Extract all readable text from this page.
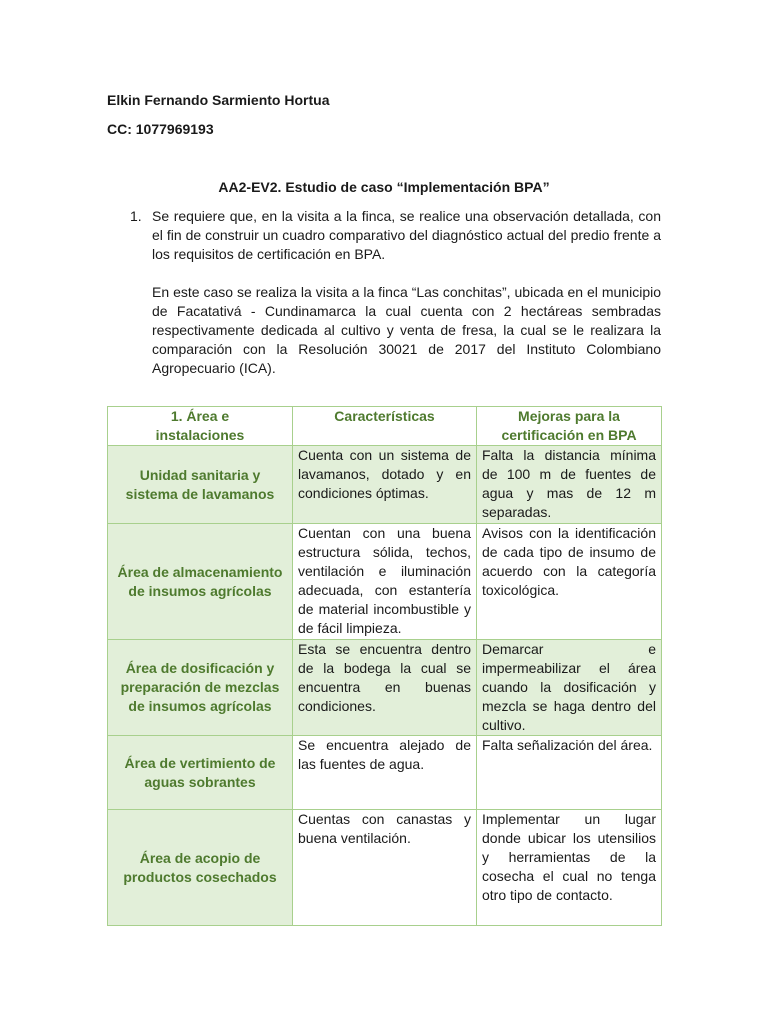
Elkin Fernando Sarmiento Hortua
CC: 1077969193
AA2-EV2. Estudio de caso “Implementación BPA”
1. Se requiere que, en la visita a la finca, se realice una observación detallada, con el fin de construir un cuadro comparativo del diagnóstico actual del predio frente a los requisitos de certificación en BPA.

En este caso se realiza la visita a la finca “Las conchitas”, ubicada en el municipio de Facatativá - Cundinamarca la cual cuenta con 2 hectáreas sembradas respectivamente dedicada al cultivo y venta de fresa, la cual se le realizara la comparación con la Resolución 30021 de 2017 del Instituto Colombiano Agropecuario (ICA).

1. Área e instalaciones	Características	Mejoras para la certificación en BPA
Unidad sanitaria y sistema de lavamanos	Cuenta con un sistema de lavamanos, dotado y en condiciones óptimas.	Falta la distancia mínima de 100 m de fuentes de agua y mas de 12 m separadas.
Área de almacenamiento de insumos agrícolas	Cuentan con una buena estructura sólida, techos, ventilación e iluminación adecuada, con estantería de material incombustible y de fácil limpieza.	Avisos con la identificación de cada tipo de insumo de acuerdo con la categoría toxicológica.
Área de dosificación y preparación de mezclas de insumos agrícolas	Esta se encuentra dentro de la bodega la cual se encuentra en buenas condiciones.	Demarcar e impermeabilizar el área cuando la dosificación y mezcla se haga dentro del cultivo.
Área de vertimiento de aguas sobrantes	Se encuentra alejado de las fuentes de agua.	Falta señalización del área.
Área de acopio de productos cosechados	Cuentas con canastas y buena ventilación.	Implementar un lugar donde ubicar los utensilios y herramientas de la cosecha el cual no tenga otro tipo de contacto.
